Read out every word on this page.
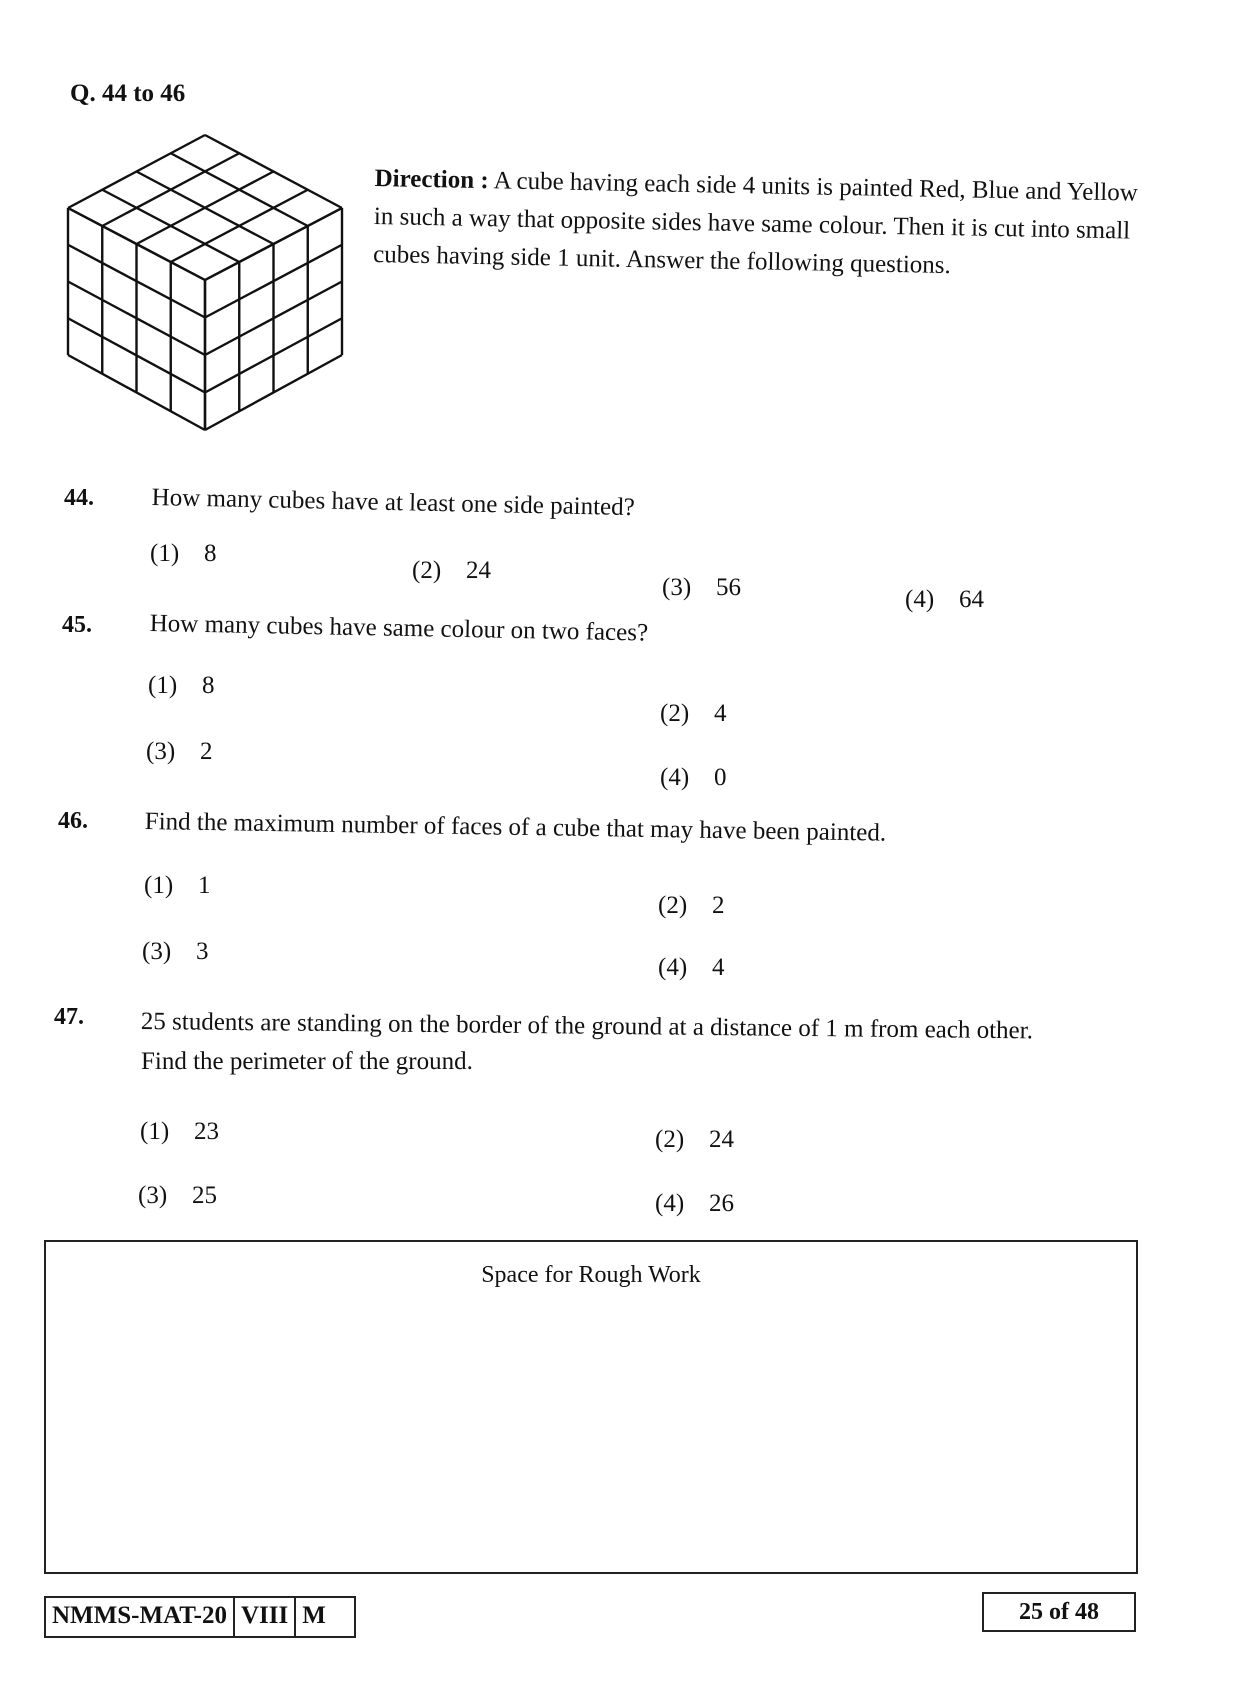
Q. 44 to 46
Direction : A cube having each side 4 units is painted Red, Blue and Yellow in such a way that opposite sides have same colour. Then it is cut into small cubes having side 1 unit. Answer the following questions.
44. How many cubes have at least one side painted?
(1) 8
(2) 24
(3) 56	(4) 64
45. How many cubes have same colour on two faces?
(1) 8
(2) 4
(3) 2
(4) 0
46. Find the maximum number of faces of a cube that may have been painted.
(1) 1
(2) 2
(3) 3
(4) 4
47. 25 students are standing on the border of the ground at a distance of 1 m from each other.
Find the perimeter of the ground.
(1) 23	(2) 24
(3) 25	(4) 26
Space for Rough Work
NMMS-MAT-20 VIII M	25 of 48
